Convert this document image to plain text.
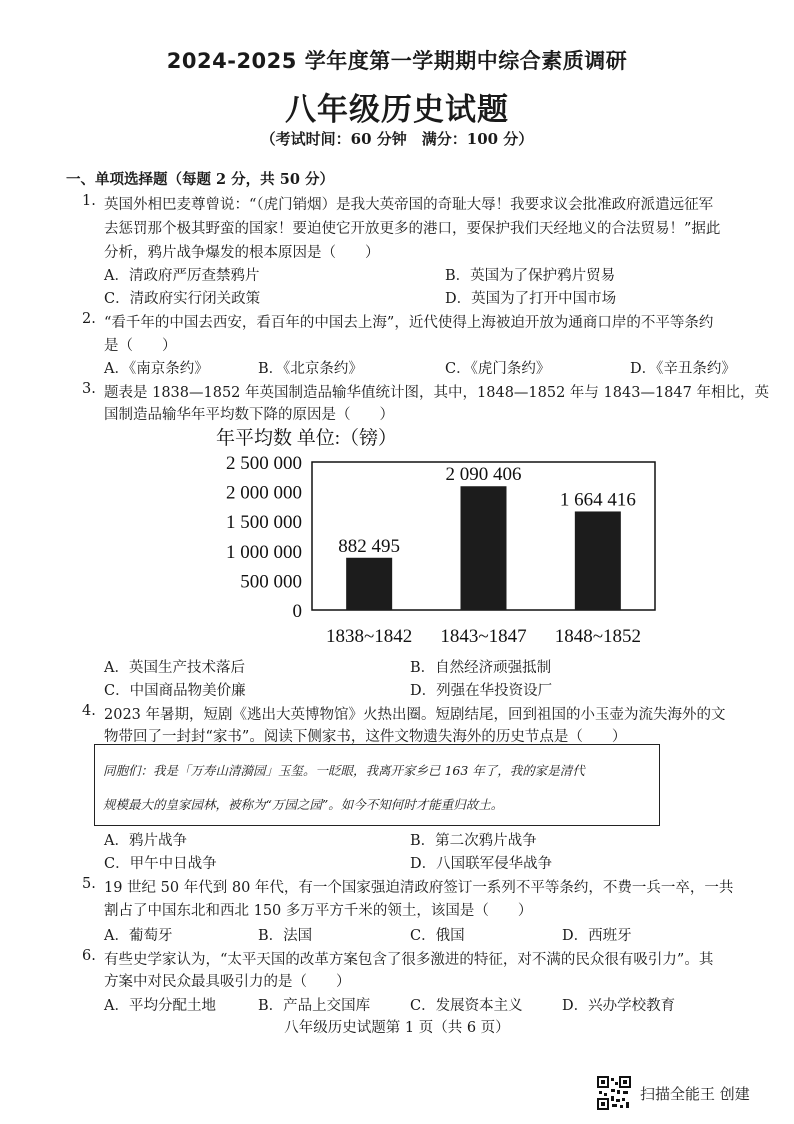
2024-2025 学年度第一学期期中综合素质调研
八年级历史试题
（考试时间：60 分钟　满分：100 分）
一、单项选择题（每题 2 分，共 50 分）
1. 英国外相巴麦尊曾说：“（虎门销烟）是我大英帝国的奇耻大辱！我要求议会批准政府派遣远征军
去惩罚那个极其野蛮的国家！要迫使它开放更多的港口，要保护我们天经地义的合法贸易！”据此
分析，鸦片战争爆发的根本原因是（　　）
A．清政府严厉查禁鸦片	B．英国为了保护鸦片贸易
C．清政府实行闭关政策	D．英国为了打开中国市场
2. “看千年的中国去西安，看百年的中国去上海”，近代使得上海被迫开放为通商口岸的不平等条约
是（　　）
A．《南京条约》	B．《北京条约》	C．《虎门条约》	D．《辛丑条约》
3. 题表是 1838—1852 年英国制造品输华值统计图，其中，1848—1852 年与 1843—1847 年相比，英
国制造品输华年平均数下降的原因是（　　）
年平均数 单位:（镑）
2 500 000
2 000 000
1 500 000
1 000 000
500 000
0
882 495
1838~1842
2 090 406
1843~1847
1 664 416
1848~1852
A．英国生产技术落后	B．自然经济顽强抵制
C．中国商品物美价廉	D．列强在华投资设厂
4. 2023 年暑期，短剧《逃出大英博物馆》火热出圈。短剧结尾，回到祖国的小玉壶为流失海外的文
物带回了一封封“家书”。阅读下侧家书，这件文物遗失海外的历史节点是（　　）
同胞们：我是「万寿山清漪园」玉玺。一眨眼，我离开家乡已 163 年了，我的家是清代
规模最大的皇家园林，被称为“万园之园”。如今不知何时才能重归故土。
A．鸦片战争	B．第二次鸦片战争
C．甲午中日战争	D．八国联军侵华战争
5. 19 世纪 50 年代到 80 年代，有一个国家强迫清政府签订一系列不平等条约，不费一兵一卒，一共
割占了中国东北和西北 150 多万平方千米的领土，该国是（　　）
A．葡萄牙	B．法国	C．俄国	D．西班牙
6. 有些史学家认为，“太平天国的改革方案包含了很多激进的特征，对不满的民众很有吸引力”。其
方案中对民众最具吸引力的是（　　）
A．平均分配土地	B．产品上交国库	C．发展资本主义	D．兴办学校教育
八年级历史试题第 1 页（共 6 页）
扫描全能王 创建
